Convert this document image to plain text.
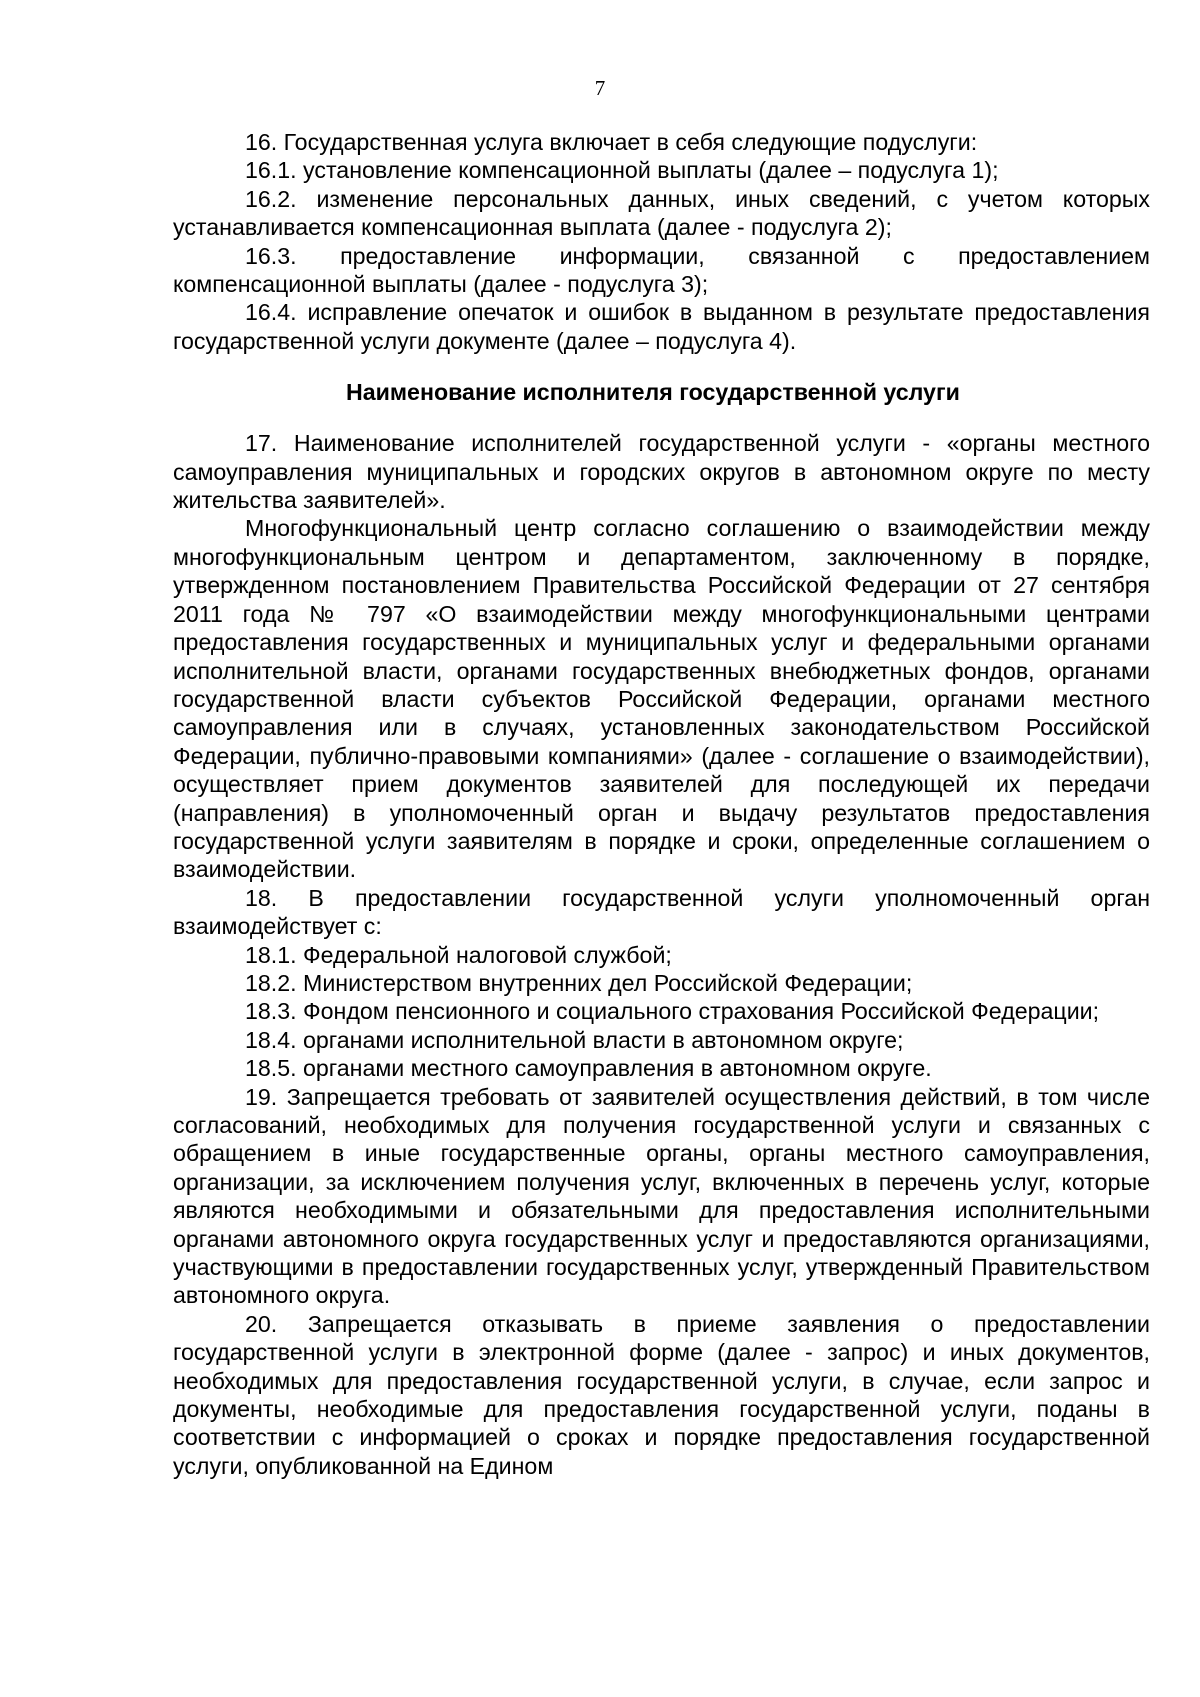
7

16. Государственная услуга включает в себя следующие подуслуги:

16.1. установление компенсационной выплаты (далее – подуслуга 1);

16.2. изменение персональных данных, иных сведений, с учетом которых устанавливается компенсационная выплата (далее - подуслуга 2);

16.3. предоставление информации, связанной с предоставлением компенсационной выплаты (далее - подуслуга 3);

16.4. исправление опечаток и ошибок в выданном в результате предоставления государственной услуги документе (далее – подуслуга 4).

Наименование исполнителя государственной услуги

17. Наименование исполнителей государственной услуги - «органы местного самоуправления муниципальных и городских округов в автономном округе по месту жительства заявителей».

Многофункциональный центр согласно соглашению о взаимодействии между многофункциональным центром и департаментом, заключенному в порядке, утвержденном постановлением Правительства Российской Федерации от 27 сентября 2011 года № 797 «О взаимодействии между многофункциональными центрами предоставления государственных и муниципальных услуг и федеральными органами исполнительной власти, органами государственных внебюджетных фондов, органами государственной власти субъектов Российской Федерации, органами местного самоуправления или в случаях, установленных законодательством Российской Федерации, публично-правовыми компаниями» (далее - соглашение о взаимодействии), осуществляет прием документов заявителей для последующей их передачи (направления) в уполномоченный орган и выдачу результатов предоставления государственной услуги заявителям в порядке и сроки, определенные соглашением о взаимодействии.

18. В предоставлении государственной услуги уполномоченный орган взаимодействует с:

18.1. Федеральной налоговой службой;

18.2. Министерством внутренних дел Российской Федерации;

18.3. Фондом пенсионного и социального страхования Российской Федерации;

18.4. органами исполнительной власти в автономном округе;

18.5. органами местного самоуправления в автономном округе.

19. Запрещается требовать от заявителей осуществления действий, в том числе согласований, необходимых для получения государственной услуги и связанных с обращением в иные государственные органы, органы местного самоуправления, организации, за исключением получения услуг, включенных в перечень услуг, которые являются необходимыми и обязательными для предоставления исполнительными органами автономного округа государственных услуг и предоставляются организациями, участвующими в предоставлении государственных услуг, утвержденный Правительством автономного округа.

20. Запрещается отказывать в приеме заявления о предоставлении государственной услуги в электронной форме (далее - запрос) и иных документов, необходимых для предоставления государственной услуги, в случае, если запрос и документы, необходимые для предоставления государственной услуги, поданы в соответствии с информацией о сроках и порядке предоставления государственной услуги, опубликованной на Едином
